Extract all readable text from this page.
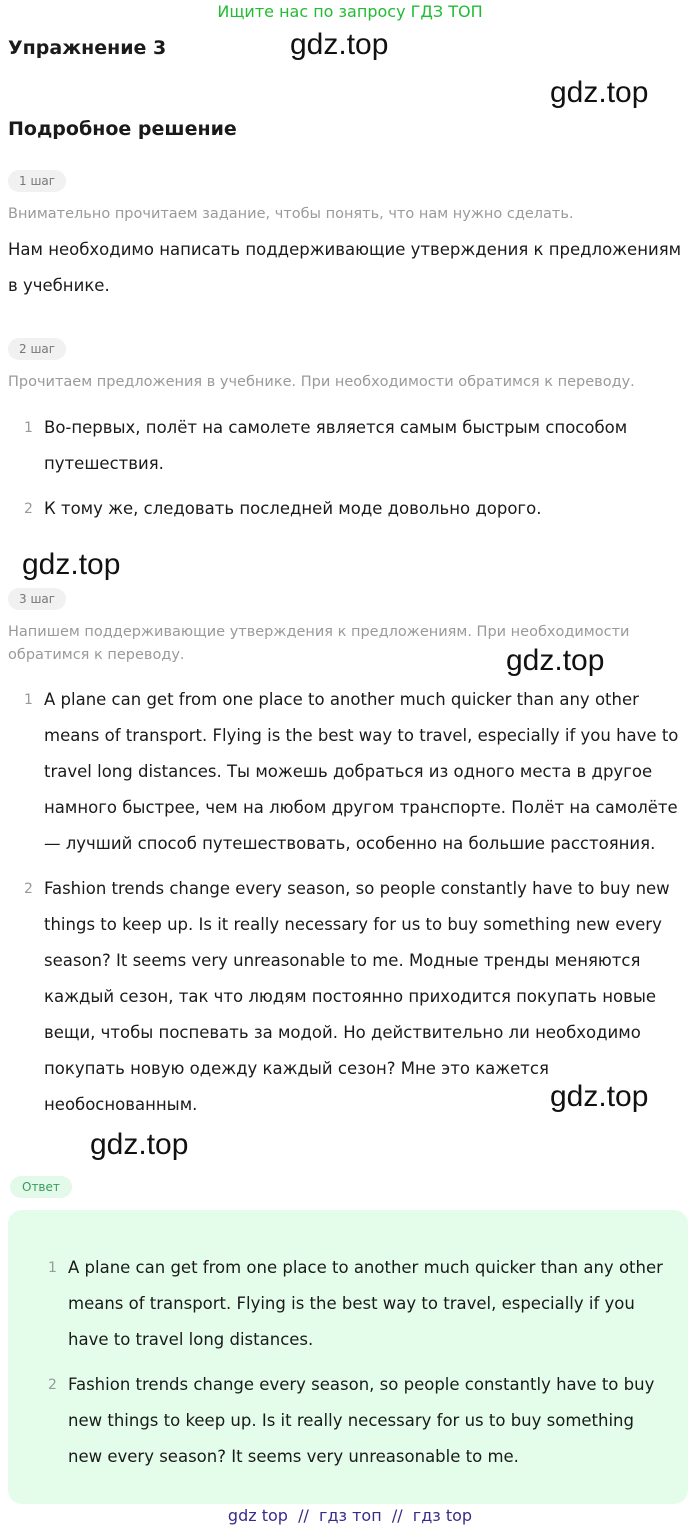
Ищите нас по запросу ГДЗ ТОП
Упражнение 3	gdz.top
gdz.top
Подробное решение
1 шаг
Внимательно прочитаем задание, чтобы понять, что нам нужно сделать.
Нам необходимо написать поддерживающие утверждения к предложениям в учебнике.
2 шаг
Прочитаем предложения в учебнике. При необходимости обратимся к переводу.
1 Во-первых, полёт на самолете является самым быстрым способом путешествия.
2 К тому же, следовать последней моде довольно дорого.
gdz.top
3 шаг
Напишем поддерживающие утверждения к предложениям. При необходимости обратимся к переводу.	gdz.top
1 A plane can get from one place to another much quicker than any other means of transport. Flying is the best way to travel, especially if you have to travel long distances. Ты можешь добраться из одного места в другое намного быстрее, чем на любом другом транспорте. Полёт на самолёте — лучший способ путешествовать, особенно на большие расстояния.
2 Fashion trends change every season, so people constantly have to buy new things to keep up. Is it really necessary for us to buy something new every season? It seems very unreasonable to me. Модные тренды меняются каждый сезон, так что людям постоянно приходится покупать новые вещи, чтобы поспевать за модой. Но действительно ли необходимо покупать новую одежду каждый сезон? Мне это кажется необоснованным.	gdz.top
gdz.top
Ответ
1 A plane can get from one place to another much quicker than any other means of transport. Flying is the best way to travel, especially if you have to travel long distances.
2 Fashion trends change every season, so people constantly have to buy new things to keep up. Is it really necessary for us to buy something new every season? It seems very unreasonable to me.
gdz top  //  гдз топ  //  гдз top
